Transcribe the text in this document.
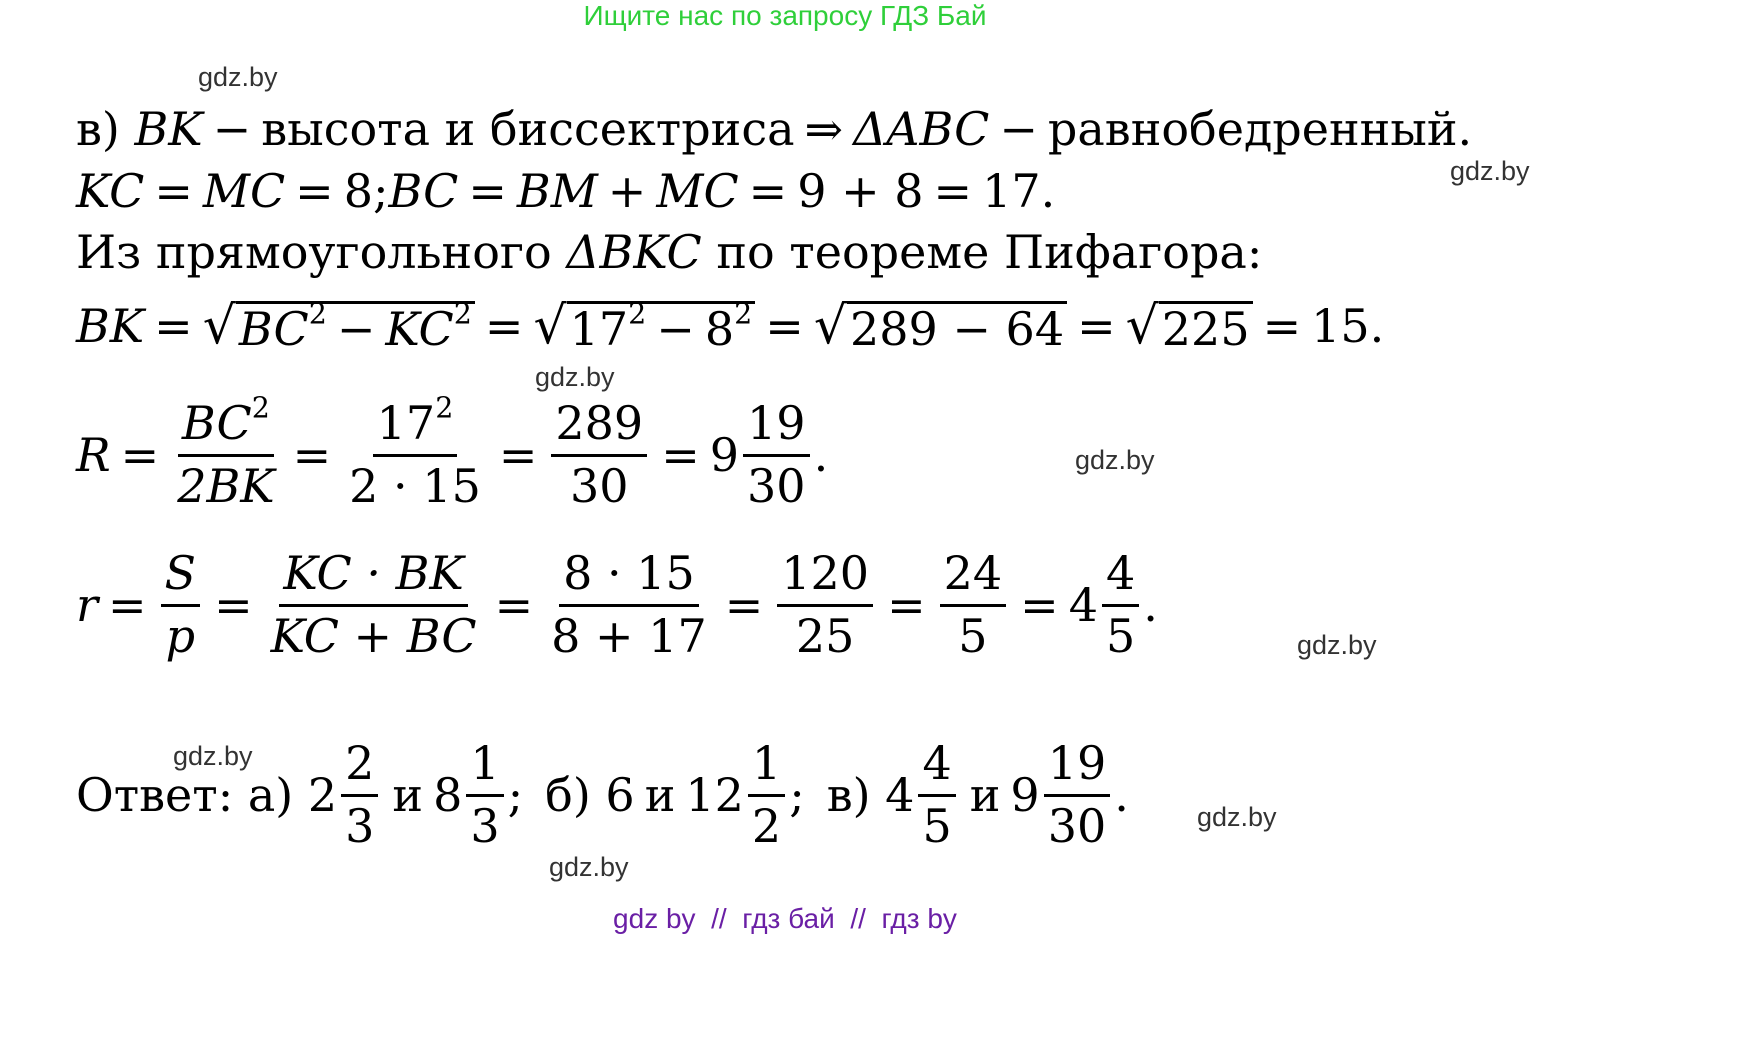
Ищите нас по запросу ГДЗ Бай
gdz.by
gdz.by
gdz.by
gdz.by
gdz.by
gdz.by
gdz.by
gdz.by
в)
BK − высота и биссектриса ⇒ ΔABC − равнобедренный.
KC = MC = 8; BC = BM + MC = 9 + 8 = 17.
Из прямоугольного
ΔBKC
по теореме Пифагора:
BK = √ $BC^2 - KC^2$ = √ $17^2 - 8^2$ = √ 289 − 64 = √ 225 = 15.
$R = \frac{BC^2}{2BK} = \frac{17^2}{2 \cdot 15} = \frac{289}{30} = 9 \frac{19}{30}$ .
$r = \frac{S}{p} = \frac{KC \cdot BK}{KC + BC} = \frac{8 \cdot 15}{8 + 17} = \frac{120}{25} = \frac{24}{5} = 4 \frac{4}{5}$ .
Ответ: а)
$2 \frac{2}{3}$ и $8 \frac{1}{3}$ ; б)
6 и $12 \frac{1}{2}$ ; в)
$4 \frac{4}{5}$ и $9 \frac{19}{30}$ .
gdz by // гдз бай // гдз by
